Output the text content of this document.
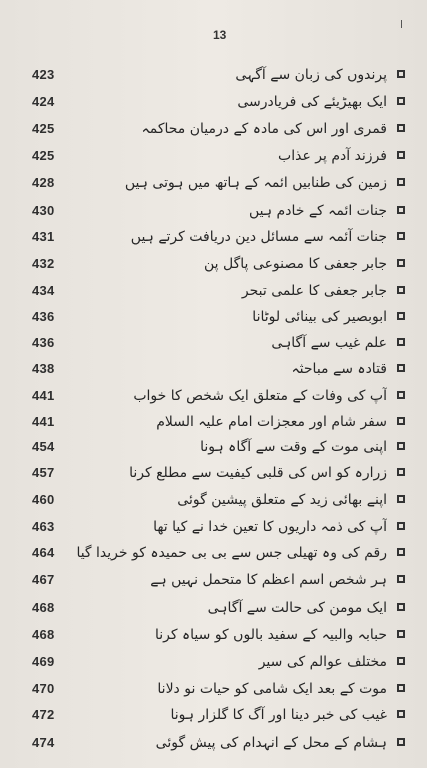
13
423	پرندوں کی زبان سے آگہی
424	ایک بھیڑیئے کی فریادرسی
425	قمری اور اس کی مادہ کے درمیان محاکمہ
425	فرزند آدم پر عذاب
428	زمین کی طنابیں ائمہ کے ہاتھ میں ہوتی ہیں
430	جنات ائمہ کے خادم ہیں
431	جنات آئمہ سے مسائل دین دریافت کرتے ہیں
432	جابر جعفی کا مصنوعی پاگل پن
434	جابر جعفی کا علمی تبحر
436	ابوبصیر کی بینائی لوٹانا
436	علم غیب سے آگاہی
438	قتادہ سے مباحثہ
441	آپ کی وفات کے متعلق ایک شخص کا خواب
441	سفر شام اور معجزات امام علیہ السلام
454	اپنی موت کے وقت سے آگاہ ہونا
457	زرارہ کو اس کی قلبی کیفیت سے مطلع کرنا
460	اپنے بھائی زید کے متعلق پیشین گوئی
463	آپ کی ذمہ داریوں کا تعین خدا نے کیا تھا
464	رقم کی وہ تھیلی جس سے بی بی حمیدہ کو خریدا گیا
467	ہر شخص اسم اعظم کا متحمل نہیں ہے
468	ایک مومن کی حالت سے آگاہی
468	حبابہ والبیہ کے سفید بالوں کو سیاہ کرنا
469	مختلف عوالم کی سیر
470	موت کے بعد ایک شامی کو حیات نو دلانا
472	غیب کی خبر دینا اور آگ کا گلزار ہونا
474	ہشام کے محل کے انہدام کی پیش گوئی
